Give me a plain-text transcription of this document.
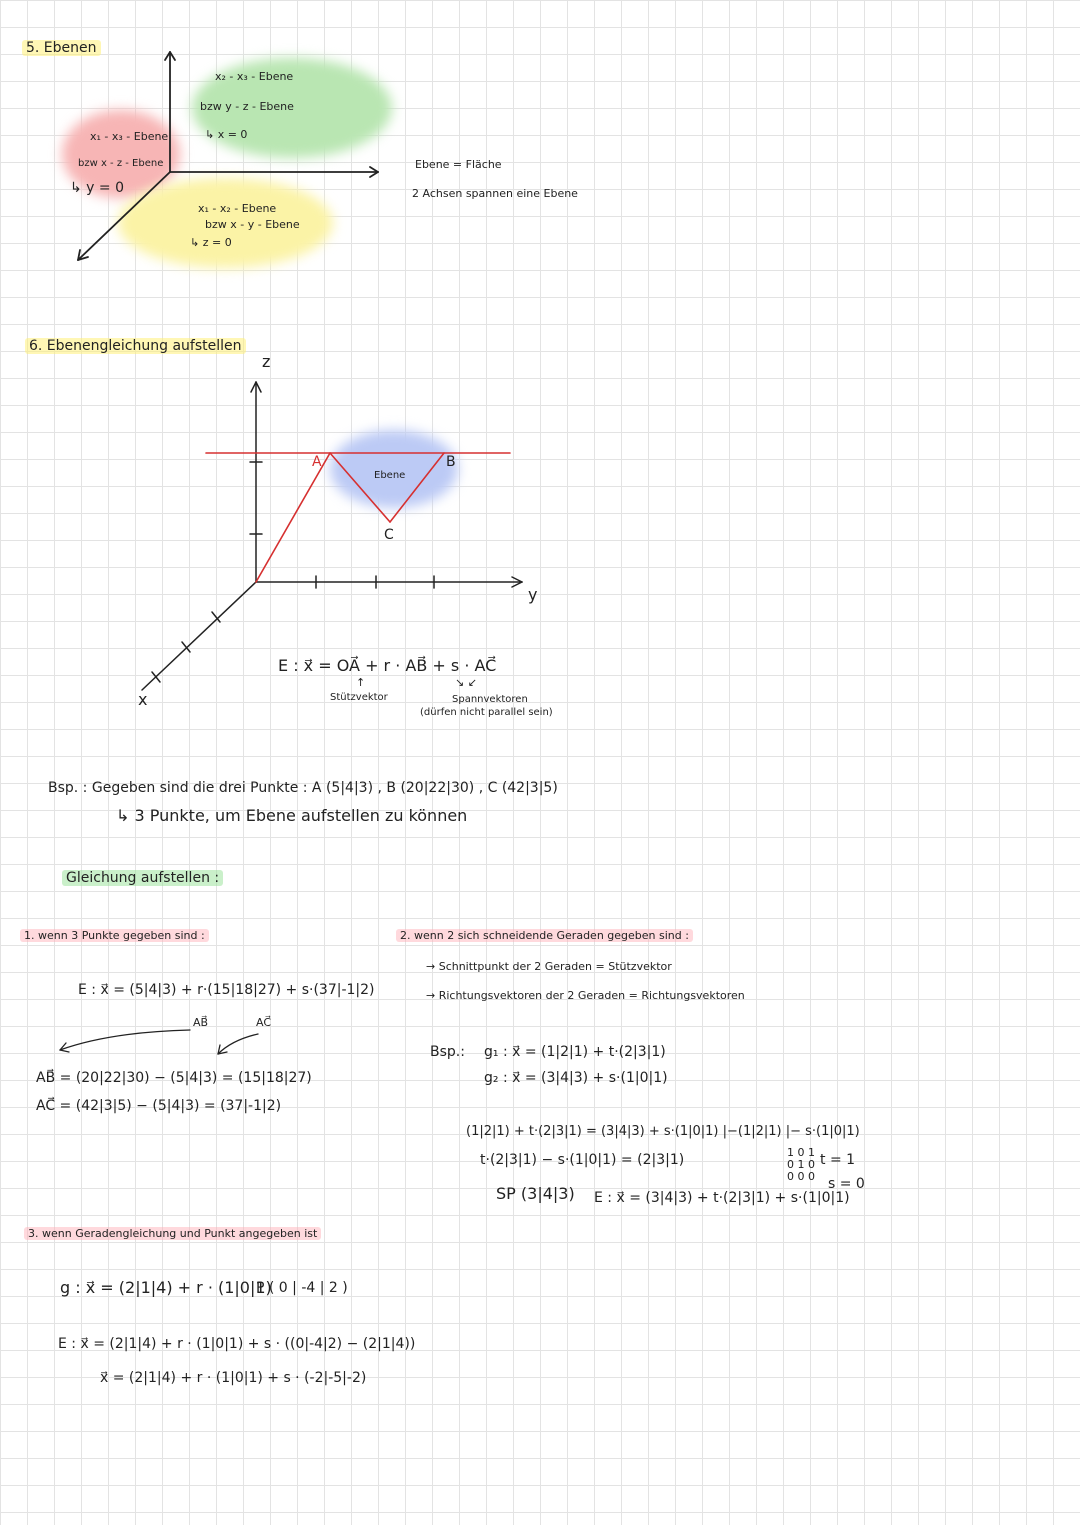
5. Ebenen
x₂ - x₃ - Ebene
bzw y - z - Ebene
↳ x = 0
x₁ - x₃ - Ebene
bzw x - z - Ebene
↳ y = 0
x₁ - x₂ - Ebene
bzw x - y - Ebene
↳ z = 0
Ebene = Fläche
2 Achsen spannen eine Ebene
6. Ebenengleichung aufstellen
z
y
x
A	B
C
Ebene
E : x⃗ = OA⃗ + r · AB⃗ + s · AC⃗
↑
Stützvektor
↘ ↙
Spannvektoren
(dürfen nicht parallel sein)
Bsp. : Gegeben sind die drei Punkte : A (5|4|3) , B (20|22|30) , C (42|3|5)
↳ 3 Punkte, um Ebene aufstellen zu können
Gleichung aufstellen :
1. wenn 3 Punkte gegeben sind :
E : x⃗ = (5|4|3) + r·(15|18|27) + s·(37|-1|2)
AB⃗	AC⃗
AB⃗ = (20|22|30) − (5|4|3) = (15|18|27)
AC⃗ = (42|3|5) − (5|4|3) = (37|-1|2)
2. wenn 2 sich schneidende Geraden gegeben sind :
→ Schnittpunkt der 2 Geraden = Stützvektor
→ Richtungsvektoren der 2 Geraden = Richtungsvektoren
Bsp.: g₁ : x⃗ = (1|2|1) + t·(2|3|1)
g₂ : x⃗ = (3|4|3) + s·(1|0|1)
(1|2|1) + t·(2|3|1) = (3|4|3) + s·(1|0|1) |−(1|2|1) |− s·(1|0|1)
t·(2|3|1) − s·(1|0|1) = (2|3|1)	1 0 1
0 1 0
0 0 0
t = 1
s = 0
SP (3|4|3) E : x⃗ = (3|4|3) + t·(2|3|1) + s·(1|0|1)
3. wenn Geradengleichung und Punkt angegeben ist
g : x⃗ = (2|1|4) + r · (1|0|1)
P ( 0 | -4 | 2 )
E : x⃗ = (2|1|4) + r · (1|0|1) + s · ((0|-4|2) − (2|1|4))
x⃗ = (2|1|4) + r · (1|0|1) + s · (-2|-5|-2)
